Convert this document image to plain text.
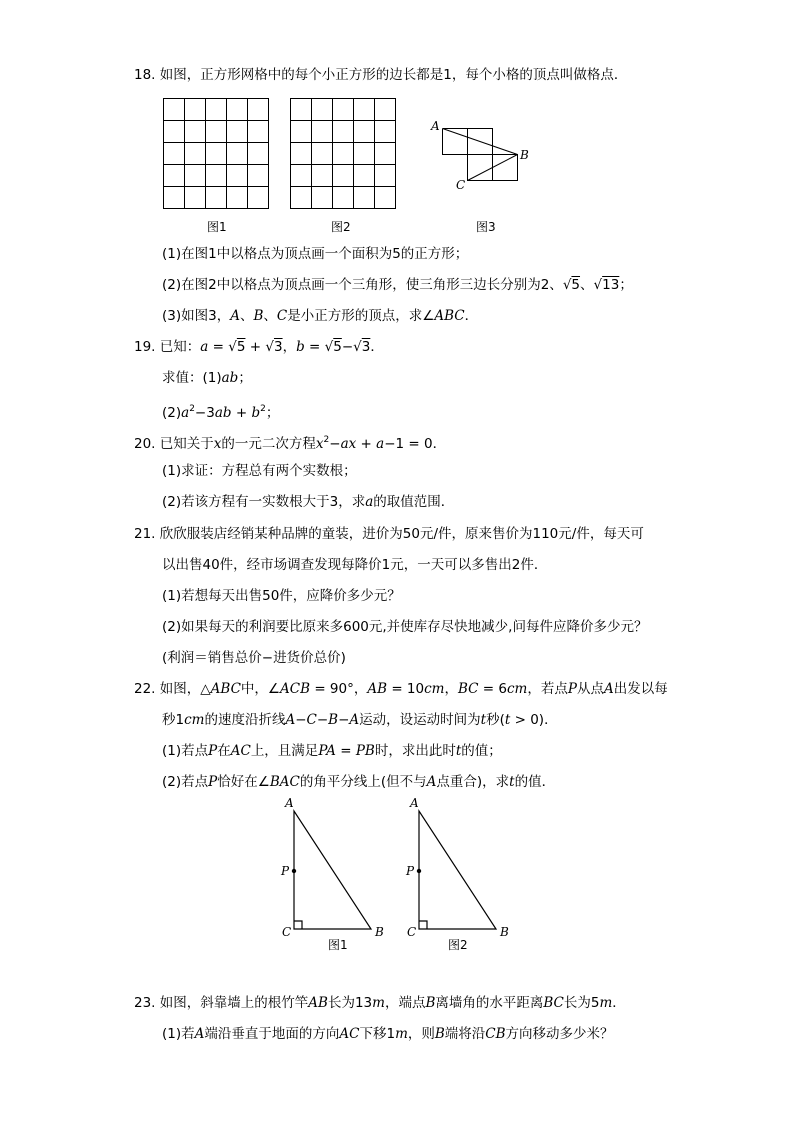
18. 如图，正方形网格中的每个小正方形的边长都是1，每个小格的顶点叫做格点．
图1	图2
A
B
C
图3
(1)在图1中以格点为顶点画一个面积为5的正方形；
(2)在图2中以格点为顶点画一个三角形，使三角形三边长分别为2、√5、√13；
(3)如图3，A、B、C是小正方形的顶点，求∠ABC．
19. 已知：a = √5 + √3，b = √5−√3．
求值：(1)ab；
$(2)a^2-3ab + b^2$；
20. 已知关于x的一元二次方程$x^2-ax + a-1 = 0$．
(1)求证：方程总有两个实数根；
(2)若该方程有一实数根大于3，求a的取值范围．
21. 欣欣服装店经销某种品牌的童装，进价为50元/件，原来售价为110元/件，每天可
以出售40件，经市场调查发现每降价1元，一天可以多售出2件．
(1)若想每天出售50件，应降价多少元？
(2)如果每天的利润要比原来多600元,并使库存尽快地减少,问每件应降价多少元？
(利润＝销售总价−进货价总价)
22. 如图，△ABC中，∠ACB = 90°，AB = 10cm，BC = 6cm，若点P从点A出发以每
秒1cm的速度沿折线A−C−B−A运动，设运动时间为t秒(t > 0)．
(1)若点P在AC上，且满足PA = PB时，求出此时t的值；
(2)若点P恰好在∠BAC的角平分线上(但不与A点重合)，求t的值．
A
P
C	B
图1
A
P
C	B
图2
23. 如图，斜靠墙上的根竹竿AB长为13m，端点B离墙角的水平距离BC长为5m．
(1)若A端沿垂直于地面的方向AC下移1m，则B端将沿CB方向移动多少米？
